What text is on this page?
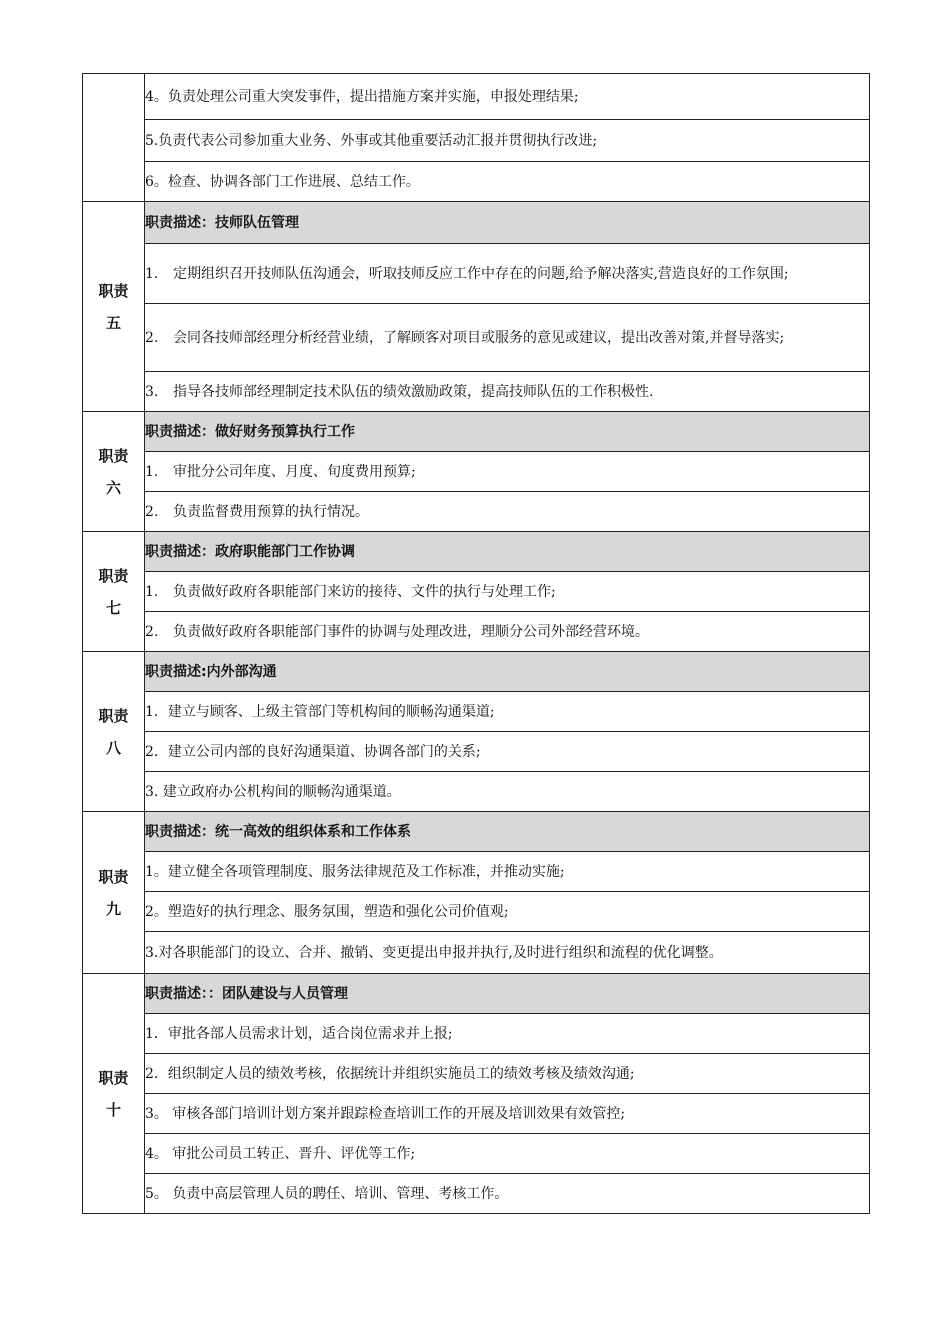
	4。负责处理公司重大突发事件，提出措施方案并实施，申报处理结果;
	5.负责代表公司参加重大业务、外事或其他重要活动汇报并贯彻执行改进;
	6。检查、协调各部门工作进展、总结工作。

职责
五	职责描述：技师队伍管理

	1. 定期组织召开技师队伍沟通会，听取技师反应工作中存在的问题,给予解决落实,营造良好的工作氛围;

	2. 会同各技师部经理分析经营业绩，了解顾客对项目或服务的意见或建议，提出改善对策,并督导落实;

	3. 指导各技师部经理制定技术队伍的绩效激励政策，提高技师队伍的工作积极性.

职责
六	职责描述：做好财务预算执行工作

	1. 审批分公司年度、月度、旬度费用预算;

	2. 负责监督费用预算的执行情况。

职责
七	职责描述：政府职能部门工作协调

	1. 负责做好政府各职能部门来访的接待、文件的执行与处理工作;

	2. 负责做好政府各职能部门事件的协调与处理改进，理顺分公司外部经营环境。

职责
八	职责描述:内外部沟通
	1．建立与顾客、上级主管部门等机构间的顺畅沟通渠道;
	2．建立公司内部的良好沟通渠道、协调各部门的关系;
	3. 建立政府办公机构间的顺畅沟通渠道。

职责
九	职责描述：统一高效的组织体系和工作体系
	1。建立健全各项管理制度、服务法律规范及工作标准，并推动实施;
	2。塑造好的执行理念、服务氛围，塑造和强化公司价值观;
	3.对各职能部门的设立、合并、撤销、变更提出申报并执行,及时进行组织和流程的优化调整。

职责
十	职责描述：：团队建设与人员管理
	1．审批各部人员需求计划，适合岗位需求并上报;
	2．组织制定人员的绩效考核，依据统计并组织实施员工的绩效考核及绩效沟通;
	3。 审核各部门培训计划方案并跟踪检查培训工作的开展及培训效果有效管控;
	4。 审批公司员工转正、晋升、评优等工作;
	5。 负责中高层管理人员的聘任、培训、管理、考核工作。
